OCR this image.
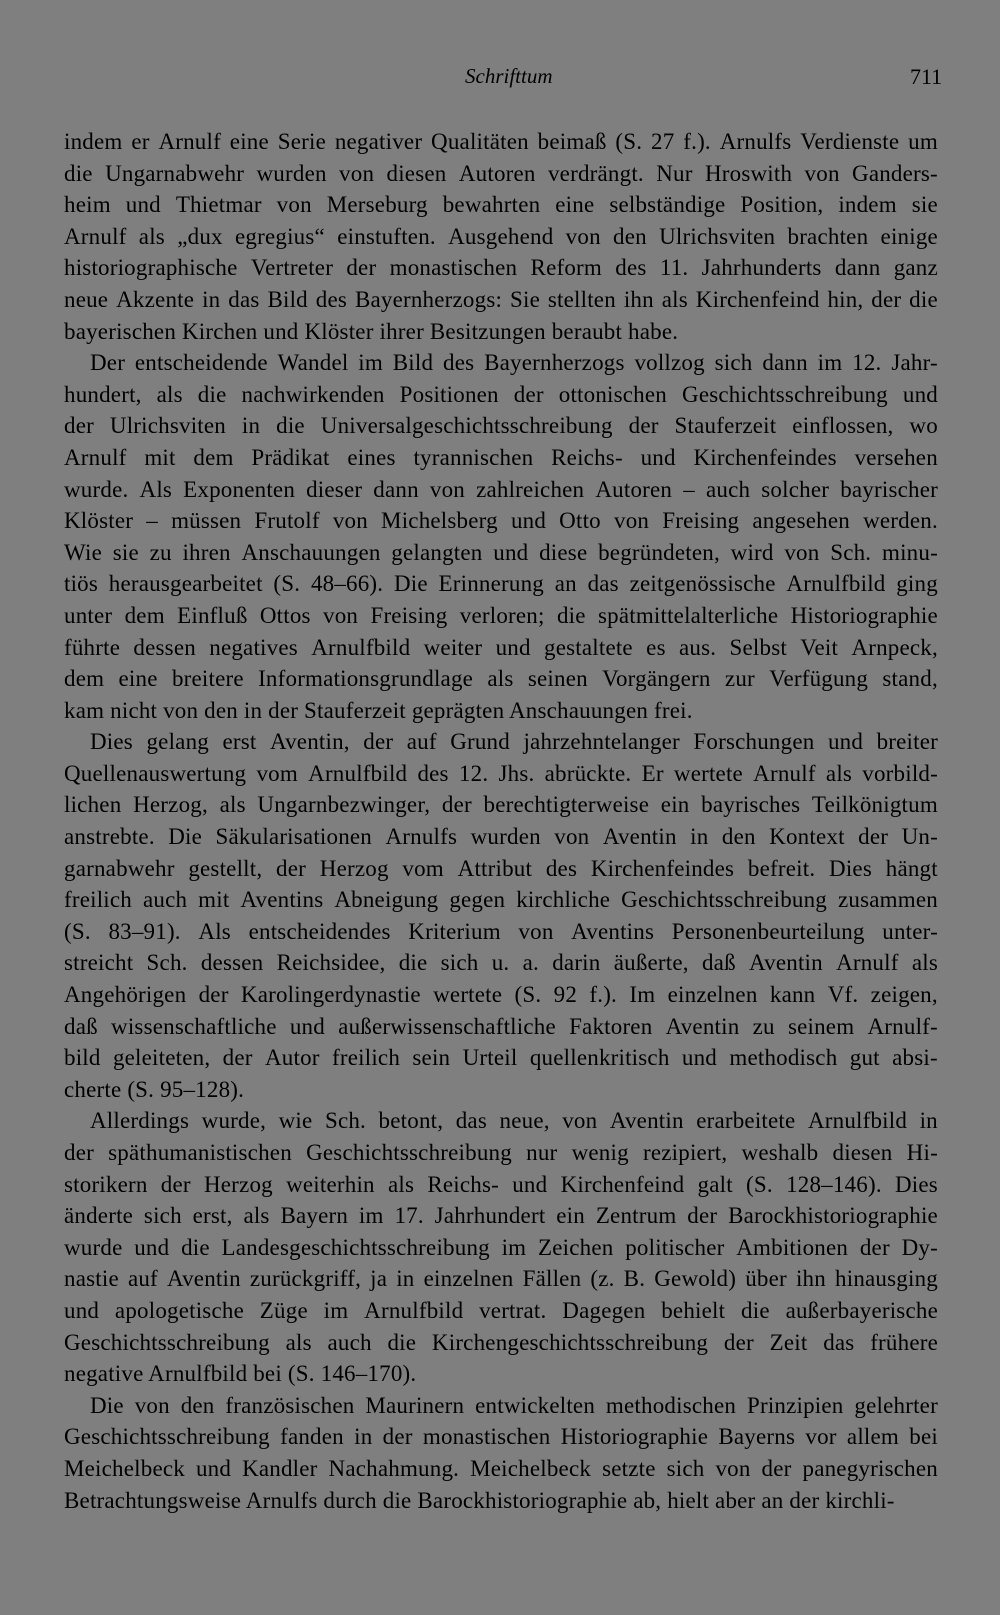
Schrifttum	711
indem er Arnulf eine Serie negativer Qualitäten beimaß (S. 27 f.). Arnulfs Verdienste um
die Ungarnabwehr wurden von diesen Autoren verdrängt. Nur Hroswith von Ganders-
heim und Thietmar von Merseburg bewahrten eine selbständige Position, indem sie
Arnulf als „dux egregius“ einstuften. Ausgehend von den Ulrichsviten brachten einige
historiographische Vertreter der monastischen Reform des 11. Jahrhunderts dann ganz
neue Akzente in das Bild des Bayernherzogs: Sie stellten ihn als Kirchenfeind hin, der die
bayerischen Kirchen und Klöster ihrer Besitzungen beraubt habe.
Der entscheidende Wandel im Bild des Bayernherzogs vollzog sich dann im 12. Jahr-
hundert, als die nachwirkenden Positionen der ottonischen Geschichtsschreibung und
der Ulrichsviten in die Universalgeschichtsschreibung der Stauferzeit einflossen, wo
Arnulf mit dem Prädikat eines tyrannischen Reichs- und Kirchenfeindes versehen
wurde. Als Exponenten dieser dann von zahlreichen Autoren – auch solcher bayrischer
Klöster – müssen Frutolf von Michelsberg und Otto von Freising angesehen werden.
Wie sie zu ihren Anschauungen gelangten und diese begründeten, wird von Sch. minu-
tiös herausgearbeitet (S. 48–66). Die Erinnerung an das zeitgenössische Arnulfbild ging
unter dem Einfluß Ottos von Freising verloren; die spätmittelalterliche Historiographie
führte dessen negatives Arnulfbild weiter und gestaltete es aus. Selbst Veit Arnpeck,
dem eine breitere Informationsgrundlage als seinen Vorgängern zur Verfügung stand,
kam nicht von den in der Stauferzeit geprägten Anschauungen frei.
Dies gelang erst Aventin, der auf Grund jahrzehntelanger Forschungen und breiter
Quellenauswertung vom Arnulfbild des 12. Jhs. abrückte. Er wertete Arnulf als vorbild-
lichen Herzog, als Ungarnbezwinger, der berechtigterweise ein bayrisches Teilkönigtum
anstrebte. Die Säkularisationen Arnulfs wurden von Aventin in den Kontext der Un-
garnabwehr gestellt, der Herzog vom Attribut des Kirchenfeindes befreit. Dies hängt
freilich auch mit Aventins Abneigung gegen kirchliche Geschichtsschreibung zusammen
(S. 83–91). Als entscheidendes Kriterium von Aventins Personenbeurteilung unter-
streicht Sch. dessen Reichsidee, die sich u. a. darin äußerte, daß Aventin Arnulf als
Angehörigen der Karolingerdynastie wertete (S. 92 f.). Im einzelnen kann Vf. zeigen,
daß wissenschaftliche und außerwissenschaftliche Faktoren Aventin zu seinem Arnulf-
bild geleiteten, der Autor freilich sein Urteil quellenkritisch und methodisch gut absi-
cherte (S. 95–128).
Allerdings wurde, wie Sch. betont, das neue, von Aventin erarbeitete Arnulfbild in
der späthumanistischen Geschichtsschreibung nur wenig rezipiert, weshalb diesen Hi-
storikern der Herzog weiterhin als Reichs- und Kirchenfeind galt (S. 128–146). Dies
änderte sich erst, als Bayern im 17. Jahrhundert ein Zentrum der Barockhistoriographie
wurde und die Landesgeschichtsschreibung im Zeichen politischer Ambitionen der Dy-
nastie auf Aventin zurückgriff, ja in einzelnen Fällen (z. B. Gewold) über ihn hinausging
und apologetische Züge im Arnulfbild vertrat. Dagegen behielt die außerbayerische
Geschichtsschreibung als auch die Kirchengeschichtsschreibung der Zeit das frühere
negative Arnulfbild bei (S. 146–170).
Die von den französischen Maurinern entwickelten methodischen Prinzipien gelehrter
Geschichtsschreibung fanden in der monastischen Historiographie Bayerns vor allem bei
Meichelbeck und Kandler Nachahmung. Meichelbeck setzte sich von der panegyrischen
Betrachtungsweise Arnulfs durch die Barockhistoriographie ab, hielt aber an der kirchli-
